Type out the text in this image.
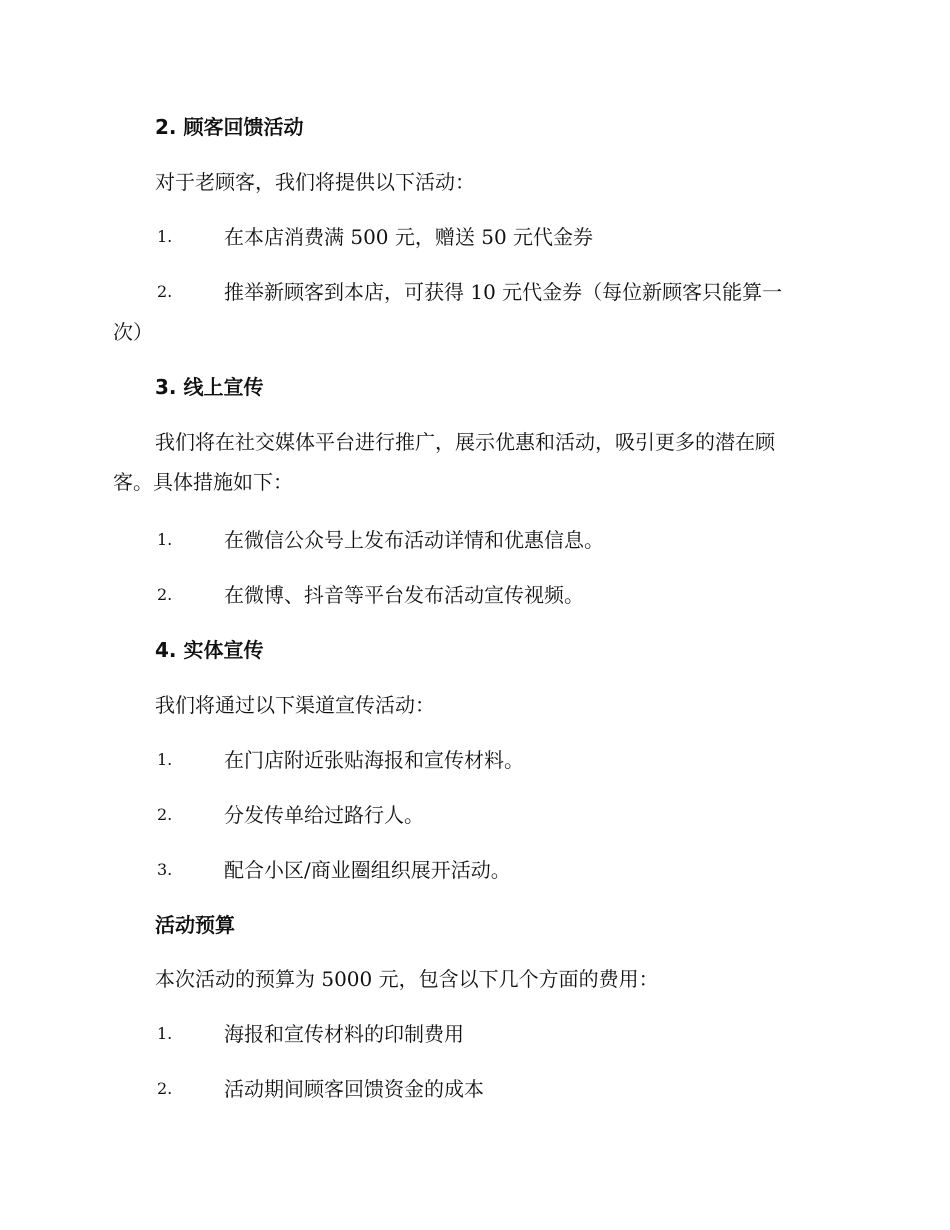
2. 顾客回馈活动
对于老顾客，我们将提供以下活动：
1.	在本店消费满 500 元，赠送 50 元代金券
2.	推举新顾客到本店，可获得 10 元代金券（每位新顾客只能算一
次）
3. 线上宣传
我们将在社交媒体平台进行推广，展示优惠和活动，吸引更多的潜在顾
客。具体措施如下：
1.	在微信公众号上发布活动详情和优惠信息。
2.	在微博、抖音等平台发布活动宣传视频。
4. 实体宣传
我们将通过以下渠道宣传活动：
1.	在门店附近张贴海报和宣传材料。
2.	分发传单给过路行人。
3.	配合小区/商业圈组织展开活动。
活动预算
本次活动的预算为 5000 元，包含以下几个方面的费用：
1.	海报和宣传材料的印制费用
2.	活动期间顾客回馈资金的成本
